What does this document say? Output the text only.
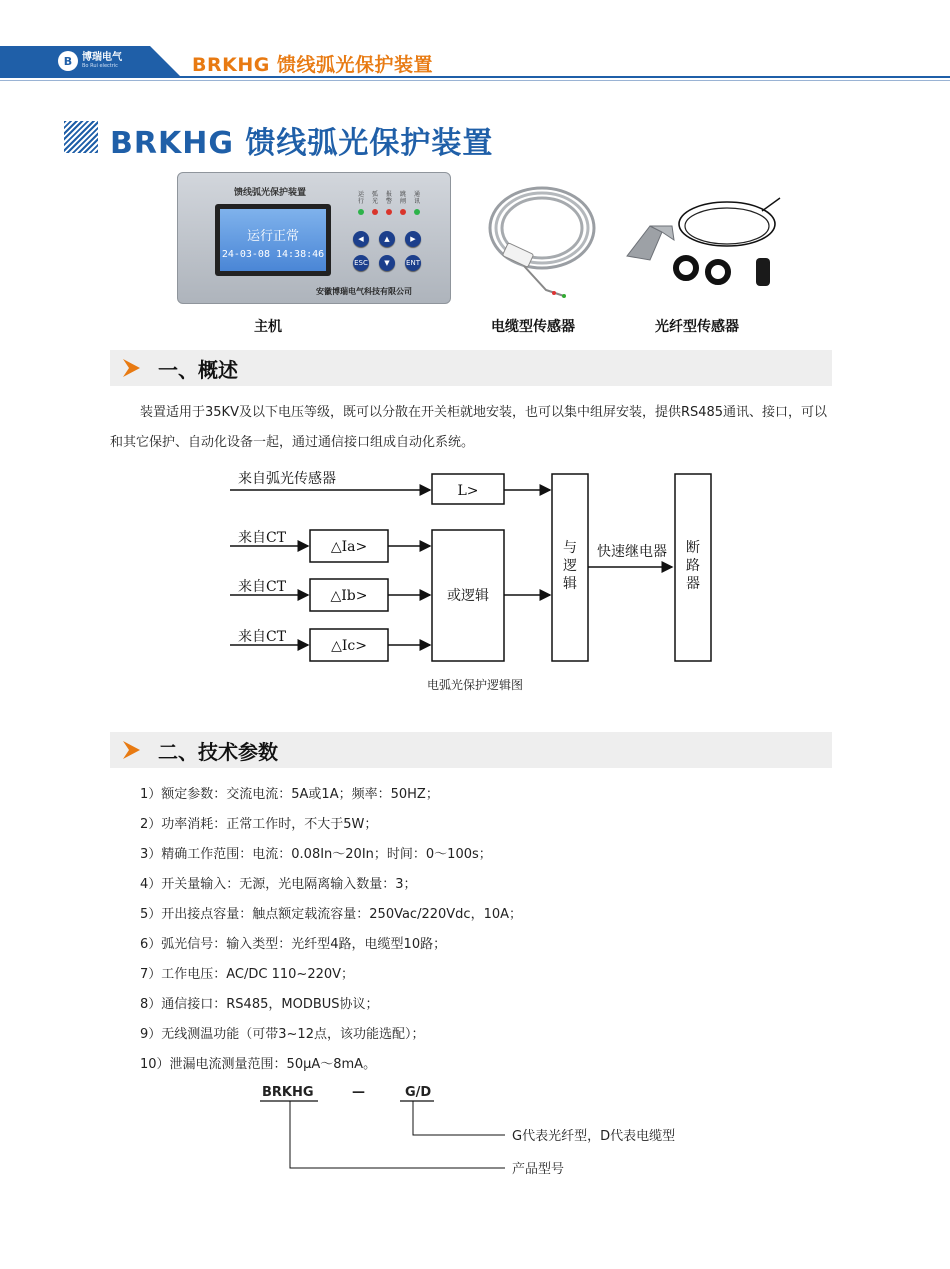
B 博瑞电气
Bo Rui electric	BRKHG 馈线弧光保护装置
BRKHG 馈线弧光保护装置
馈线弧光保护装置
运行正常
24-03-08 14:38:46
安徽博瑞电气科技有限公司
运行
弧光
报警
跳闸
通讯
◀	▲	▶
ESC	▼	ENT
主机	电缆型传感器	光纤型传感器
一、概述

装置适用于35KV及以下电压等级，既可以分散在开关柜就地安装，也可以集中组屏安装，提供RS485通讯、接口，可以和其它保护、自动化设备一起，通过通信接口组成自动化系统。

来自弧光传感器
L>
来自CT
来自CT
来自CT
△Ia>
△Ib>
△Ic>
或逻辑
与
逻
辑
快速继电器 断
路
器
电弧光保护逻辑图
二、技术参数
1）额定参数：交流电流：5A或1A；频率：50HZ；
2）功率消耗：正常工作时，不大于5W；
3）精确工作范围：电流：0.08In～20In；时间：0～100s；
4）开关量输入：无源，光电隔离输入数量：3；
5）开出接点容量：触点额定载流容量：250Vac/220Vdc，10A；
6）弧光信号：输入类型：光纤型4路，电缆型10路；
7）工作电压：AC/DC 110~220V；
8）通信接口：RS485，MODBUS协议；
9）无线测温功能（可带3~12点，该功能选配）；
10）泄漏电流测量范围：50μA～8mA。
BRKHG	—	G/D
G代表光纤型，D代表电缆型
产品型号
